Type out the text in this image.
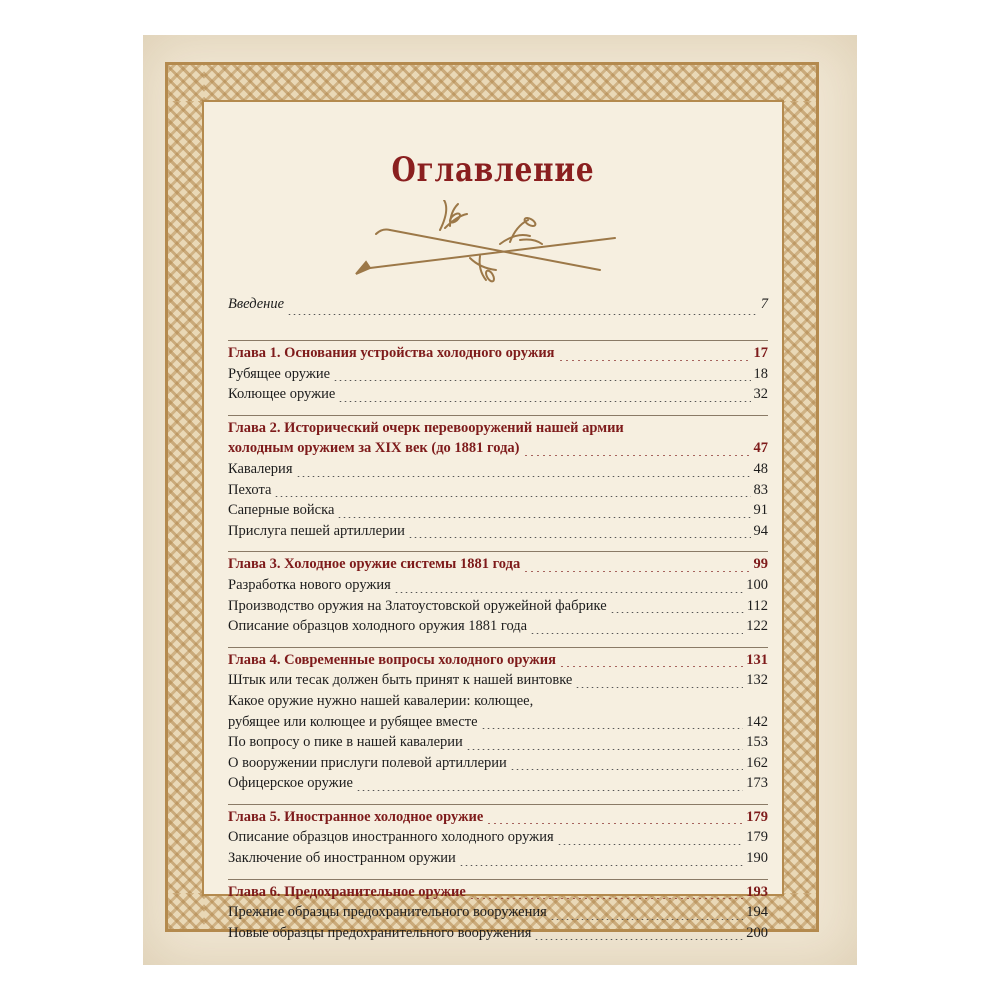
Оглавление
Введение	7
Глава 1. Основания устройства холодного оружия	17
Рубящее оружие	18
Колющее оружие	32
Глава 2. Исторический очерк перевооружений нашей армии
холодным оружием за XIX век (до 1881 года)	47
Кавалерия	48
Пехота	83
Саперные войска	91
Прислуга пешей артиллерии	94
Глава 3. Холодное оружие системы 1881 года	99
Разработка нового оружия	100
Производство оружия на Златоустовской оружейной фабрике	112
Описание образцов холодного оружия 1881 года	122
Глава 4. Современные вопросы холодного оружия	131
Штык или тесак должен быть принят к нашей винтовке	132
Какое оружие нужно нашей кавалерии: колющее,
рубящее или колющее и рубящее вместе	142
По вопросу о пике в нашей кавалерии	153
О вооружении прислуги полевой артиллерии	162
Офицерское оружие	173
Глава 5. Иностранное холодное оружие	179
Описание образцов иностранного холодного оружия	179
Заключение об иностранном оружии	190
Глава 6. Предохранительное оружие	193
Прежние образцы предохранительного вооружения	194
Новые образцы предохранительного вооружения	200
